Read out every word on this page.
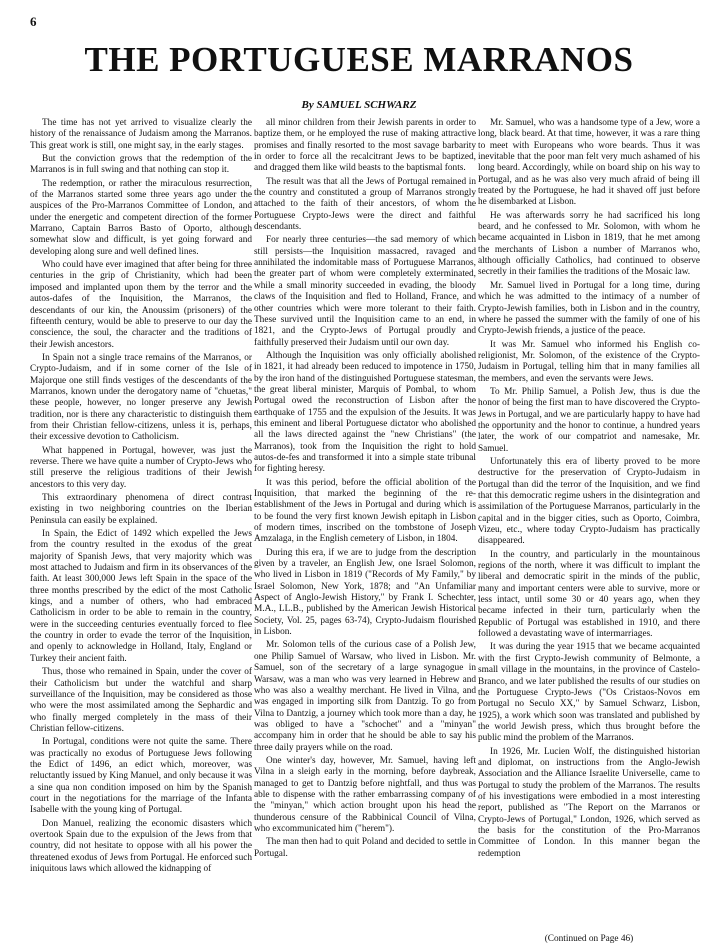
6
THE PORTUGUESE MARRANOS
By SAMUEL SCHWARZ

The time has not yet arrived to visualize clearly the history of the renaissance of Judaism among the Marranos. This great work is still, one might say, in the early stages.

But the conviction grows that the redemption of the Marranos is in full swing and that nothing can stop it.

The redemption, or rather the miraculous resurrection, of the Marranos started some three years ago under the auspices of the Pro-Marranos Committee of London, and under the energetic and competent direction of the former Marrano, Captain Barros Basto of Oporto, although somewhat slow and difficult, is yet going forward and developing along sure and well defined lines.

Who could have ever imagined that after being for three centuries in the grip of Christianity, which had been imposed and implanted upon them by the terror and the autos-dafes of the Inquisition, the Marranos, the descendants of our kin, the Anoussim (prisoners) of the fifteenth century, would be able to preserve to our day the conscience, the soul, the character and the traditions of their Jewish ancestors.

In Spain not a single trace remains of the Marranos, or Crypto-Judaism, and if in some corner of the Isle of Majorque one still finds vestiges of the descendants of the Marranos, known under the derogatory name of "chuetas," these people, however, no longer preserve any Jewish tradition, nor is there any characteristic to distinguish them from their Christian fellow-citizens, unless it is, perhaps, their excessive devotion to Catholicism.

What happened in Portugal, however, was just the reverse. There we have quite a number of Crypto-Jews who still preserve the religious traditions of their Jewish ancestors to this very day.

This extraordinary phenomena of direct contrast existing in two neighboring countries on the Iberian Peninsula can easily be explained.

In Spain, the Edict of 1492 which expelled the Jews from the country resulted in the exodus of the great majority of Spanish Jews, that very majority which was most attached to Judaism and firm in its observances of the faith. At least 300,000 Jews left Spain in the space of the three months prescribed by the edict of the most Catholic kings, and a number of others, who had embraced Catholicism in order to be able to remain in the country, were in the succeeding centuries eventually forced to flee the country in order to evade the terror of the Inquisition, and openly to acknowledge in Holland, Italy, England or Turkey their ancient faith.

Thus, those who remained in Spain, under the cover of their Catholicism but under the watchful and sharp surveillance of the Inquisition, may be considered as those who were the most assimilated among the Sephardic and who finally merged completely in the mass of their Christian fellow-citizens.

In Portugal, conditions were not quite the same. There was practically no exodus of Portuguese Jews following the Edict of 1496, an edict which, moreover, was reluctantly issued by King Manuel, and only because it was a sine qua non condition imposed on him by the Spanish court in the negotiations for the marriage of the Infanta Isabelle with the young king of Portugal.

Don Manuel, realizing the economic disasters which overtook Spain due to the expulsion of the Jews from that country, did not hesitate to oppose with all his power the threatened exodus of Jews from Portugal. He enforced such iniquitous laws which allowed the kidnapping of

all minor children from their Jewish parents in order to baptize them, or he employed the ruse of making attractive promises and finally resorted to the most savage barbarity in order to force all the recalcitrant Jews to be baptized, and dragged them like wild beasts to the baptismal fonts.

The result was that all the Jews of Portugal remained in the country and constituted a group of Marranos strongly attached to the faith of their ancestors, of whom the Portuguese Crypto-Jews were the direct and faithful descendants.

For nearly three centuries—the sad memory of which still persists—the Inquisition massacred, ravaged and annihilated the indomitable mass of Portuguese Marranos, the greater part of whom were completely exterminated, while a small minority succeeded in evading, the bloody claws of the Inquisition and fled to Holland, France, and other countries which were more tolerant to their faith. These survived until the Inquisition came to an end, in 1821, and the Crypto-Jews of Portugal proudly and faithfully preserved their Judaism until our own day.

Although the Inquisition was only officially abolished in 1821, it had already been reduced to impotence in 1750, by the iron hand of the distinguished Portuguese statesman, the great liberal minister, Marquis of Pombal, to whom Portugal owed the reconstruction of Lisbon after the earthquake of 1755 and the expulsion of the Jesuits. It was this eminent and liberal Portuguese dictator who abolished all the laws directed against the "new Christians" (the Marranos), took from the Inquisition the right to hold autos-de-fes and transformed it into a simple state tribunal for fighting heresy.

It was this period, before the official abolition of the Inquisition, that marked the beginning of the re-establishment of the Jews in Portugal and during which is to be found the very first known Jewish epitaph in Lisbon of modern times, inscribed on the tombstone of Joseph Amzalaga, in the English cemetery of Lisbon, in 1804.

During this era, if we are to judge from the description given by a traveler, an English Jew, one Israel Solomon, who lived in Lisbon in 1819 ("Records of My Family," by Israel Solomon, New York, 1878; and "An Unfamiliar Aspect of Anglo-Jewish History," by Frank I. Schechter, M.A., LL.B., published by the American Jewish Historical Society, Vol. 25, pages 63-74), Crypto-Judaism flourished in Lisbon.

Mr. Solomon tells of the curious case of a Polish Jew, one Philip Samuel of Warsaw, who lived in Lisbon. Mr. Samuel, son of the secretary of a large synagogue in Warsaw, was a man who was very learned in Hebrew and who was also a wealthy merchant. He lived in Vilna, and was engaged in importing silk from Dantzig. To go from Vilna to Dantzig, a journey which took more than a day, he was obliged to have a "schochet" and a "minyan" accompany him in order that he should be able to say his three daily prayers while on the road.

One winter's day, however, Mr. Samuel, having left Vilna in a sleigh early in the morning, before daybreak, managed to get to Dantzig before nightfall, and thus was able to dispense with the rather embarrassing company of the "minyan," which action brought upon his head the thunderous censure of the Rabbinical Council of Vilna, who excommunicated him ("herem").

The man then had to quit Poland and decided to settle in Portugal.

Mr. Samuel, who was a handsome type of a Jew, wore a long, black beard. At that time, however, it was a rare thing to meet with Europeans who wore beards. Thus it was inevitable that the poor man felt very much ashamed of his long beard. Accordingly, while on board ship on his way to Portugal, and as he was also very much afraid of being ill treated by the Portuguese, he had it shaved off just before he disembarked at Lisbon.

He was afterwards sorry he had sacrificed his long beard, and he confessed to Mr. Solomon, with whom he became acquainted in Lisbon in 1819, that he met among the merchants of Lisbon a number of Marranos who, although officially Catholics, had continued to observe secretly in their families the traditions of the Mosaic law.

Mr. Samuel lived in Portugal for a long time, during which he was admitted to the intimacy of a number of Crypto-Jewish families, both in Lisbon and in the country, where he passed the summer with the family of one of his Crypto-Jewish friends, a justice of the peace.

It was Mr. Samuel who informed his English co-religionist, Mr. Solomon, of the existence of the Crypto-Judaism in Portugal, telling him that in many families all the members, and even the servants were Jews.

To Mr. Philip Samuel, a Polish Jew, thus is due the honor of being the first man to have discovered the Crypto-Jews in Portugal, and we are particularly happy to have had the opportunity and the honor to continue, a hundred years later, the work of our compatriot and namesake, Mr. Samuel.

Unfortunately this era of liberty proved to be more destructive for the preservation of Crypto-Judaism in Portugal than did the terror of the Inquisition, and we find that this democratic regime ushers in the disintegration and assimilation of the Portuguese Marranos, particularly in the capital and in the bigger cities, such as Oporto, Coimbra, Vizeu, etc., where today Crypto-Judaism has practically disappeared.

In the country, and particularly in the mountainous regions of the north, where it was difficult to implant the liberal and democratic spirit in the minds of the public, many and important centers were able to survive, more or less intact, until some 30 or 40 years ago, when they became infected in their turn, particularly when the Republic of Portugal was established in 1910, and there followed a devastating wave of intermarriages.

It was during the year 1915 that we became acquainted with the first Crypto-Jewish community of Belmonte, a small village in the mountains, in the province of Castelo-Branco, and we later published the results of our studies on the Portuguese Crypto-Jews ("Os Cristaos-Novos em Portugal no Seculo XX," by Samuel Schwarz, Lisbon, 1925), a work which soon was translated and published by the world Jewish press, which thus brought before the public mind the problem of the Marranos.

In 1926, Mr. Lucien Wolf, the distinguished historian and diplomat, on instructions from the Anglo-Jewish Association and the Alliance Israelite Universelle, came to Portugal to study the problem of the Marranos. The results of his investigations were embodied in a most interesting report, published as "The Report on the Marranos or Crypto-Jews of Portugal," London, 1926, which served as the basis for the constitution of the Pro-Marranos Committee of London. In this manner began the redemption

(Continued on Page 46)
